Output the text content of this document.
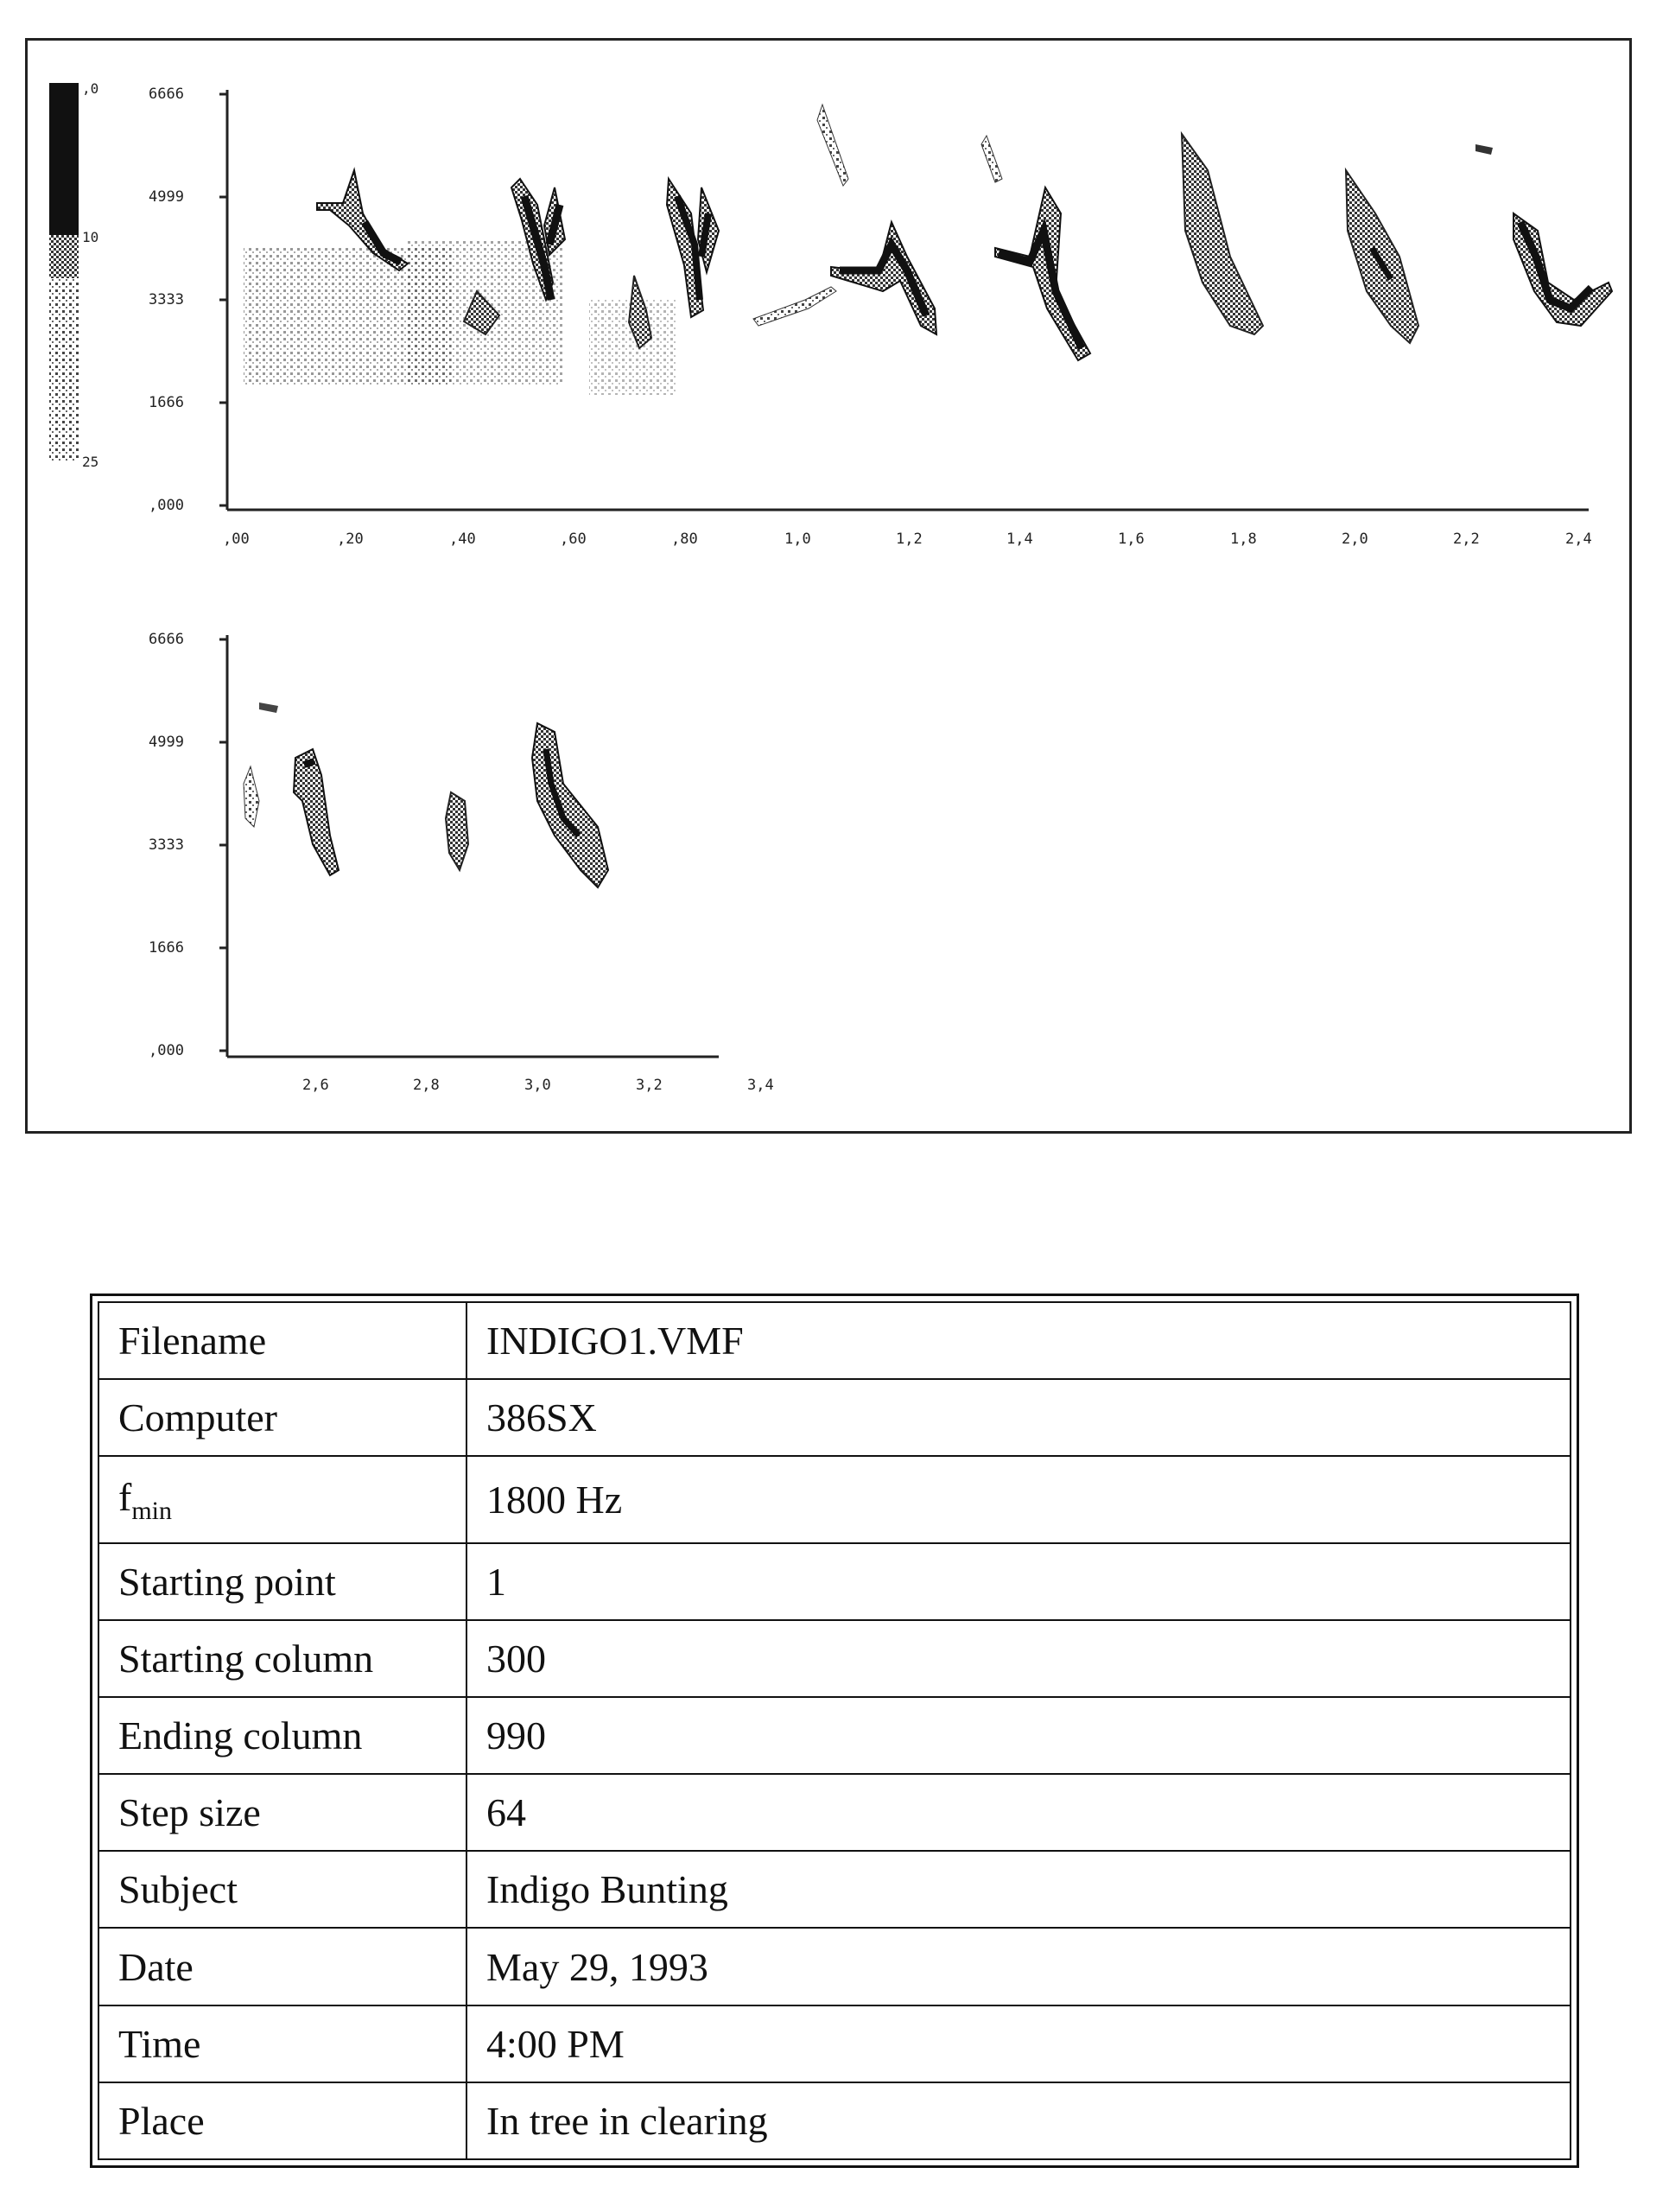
6666
4999
3333
1666
,000
,00	,20	,40	,60	,80	1,0	1,2	1,4	1,6	1,8	2,0	2,2	2,4
6666
4999
3333
1666
,000
2,6	2,8	3,0	3,2	3,4
,0
10
25
Filename	INDIGO1.VMF
Computer	386SX
$f_{min}$	1800 Hz
Starting point	1
Starting column	300
Ending column	990
Step size	64
Subject	Indigo Bunting
Date	May 29, 1993
Time	4:00 PM
Place	In tree in clearing
